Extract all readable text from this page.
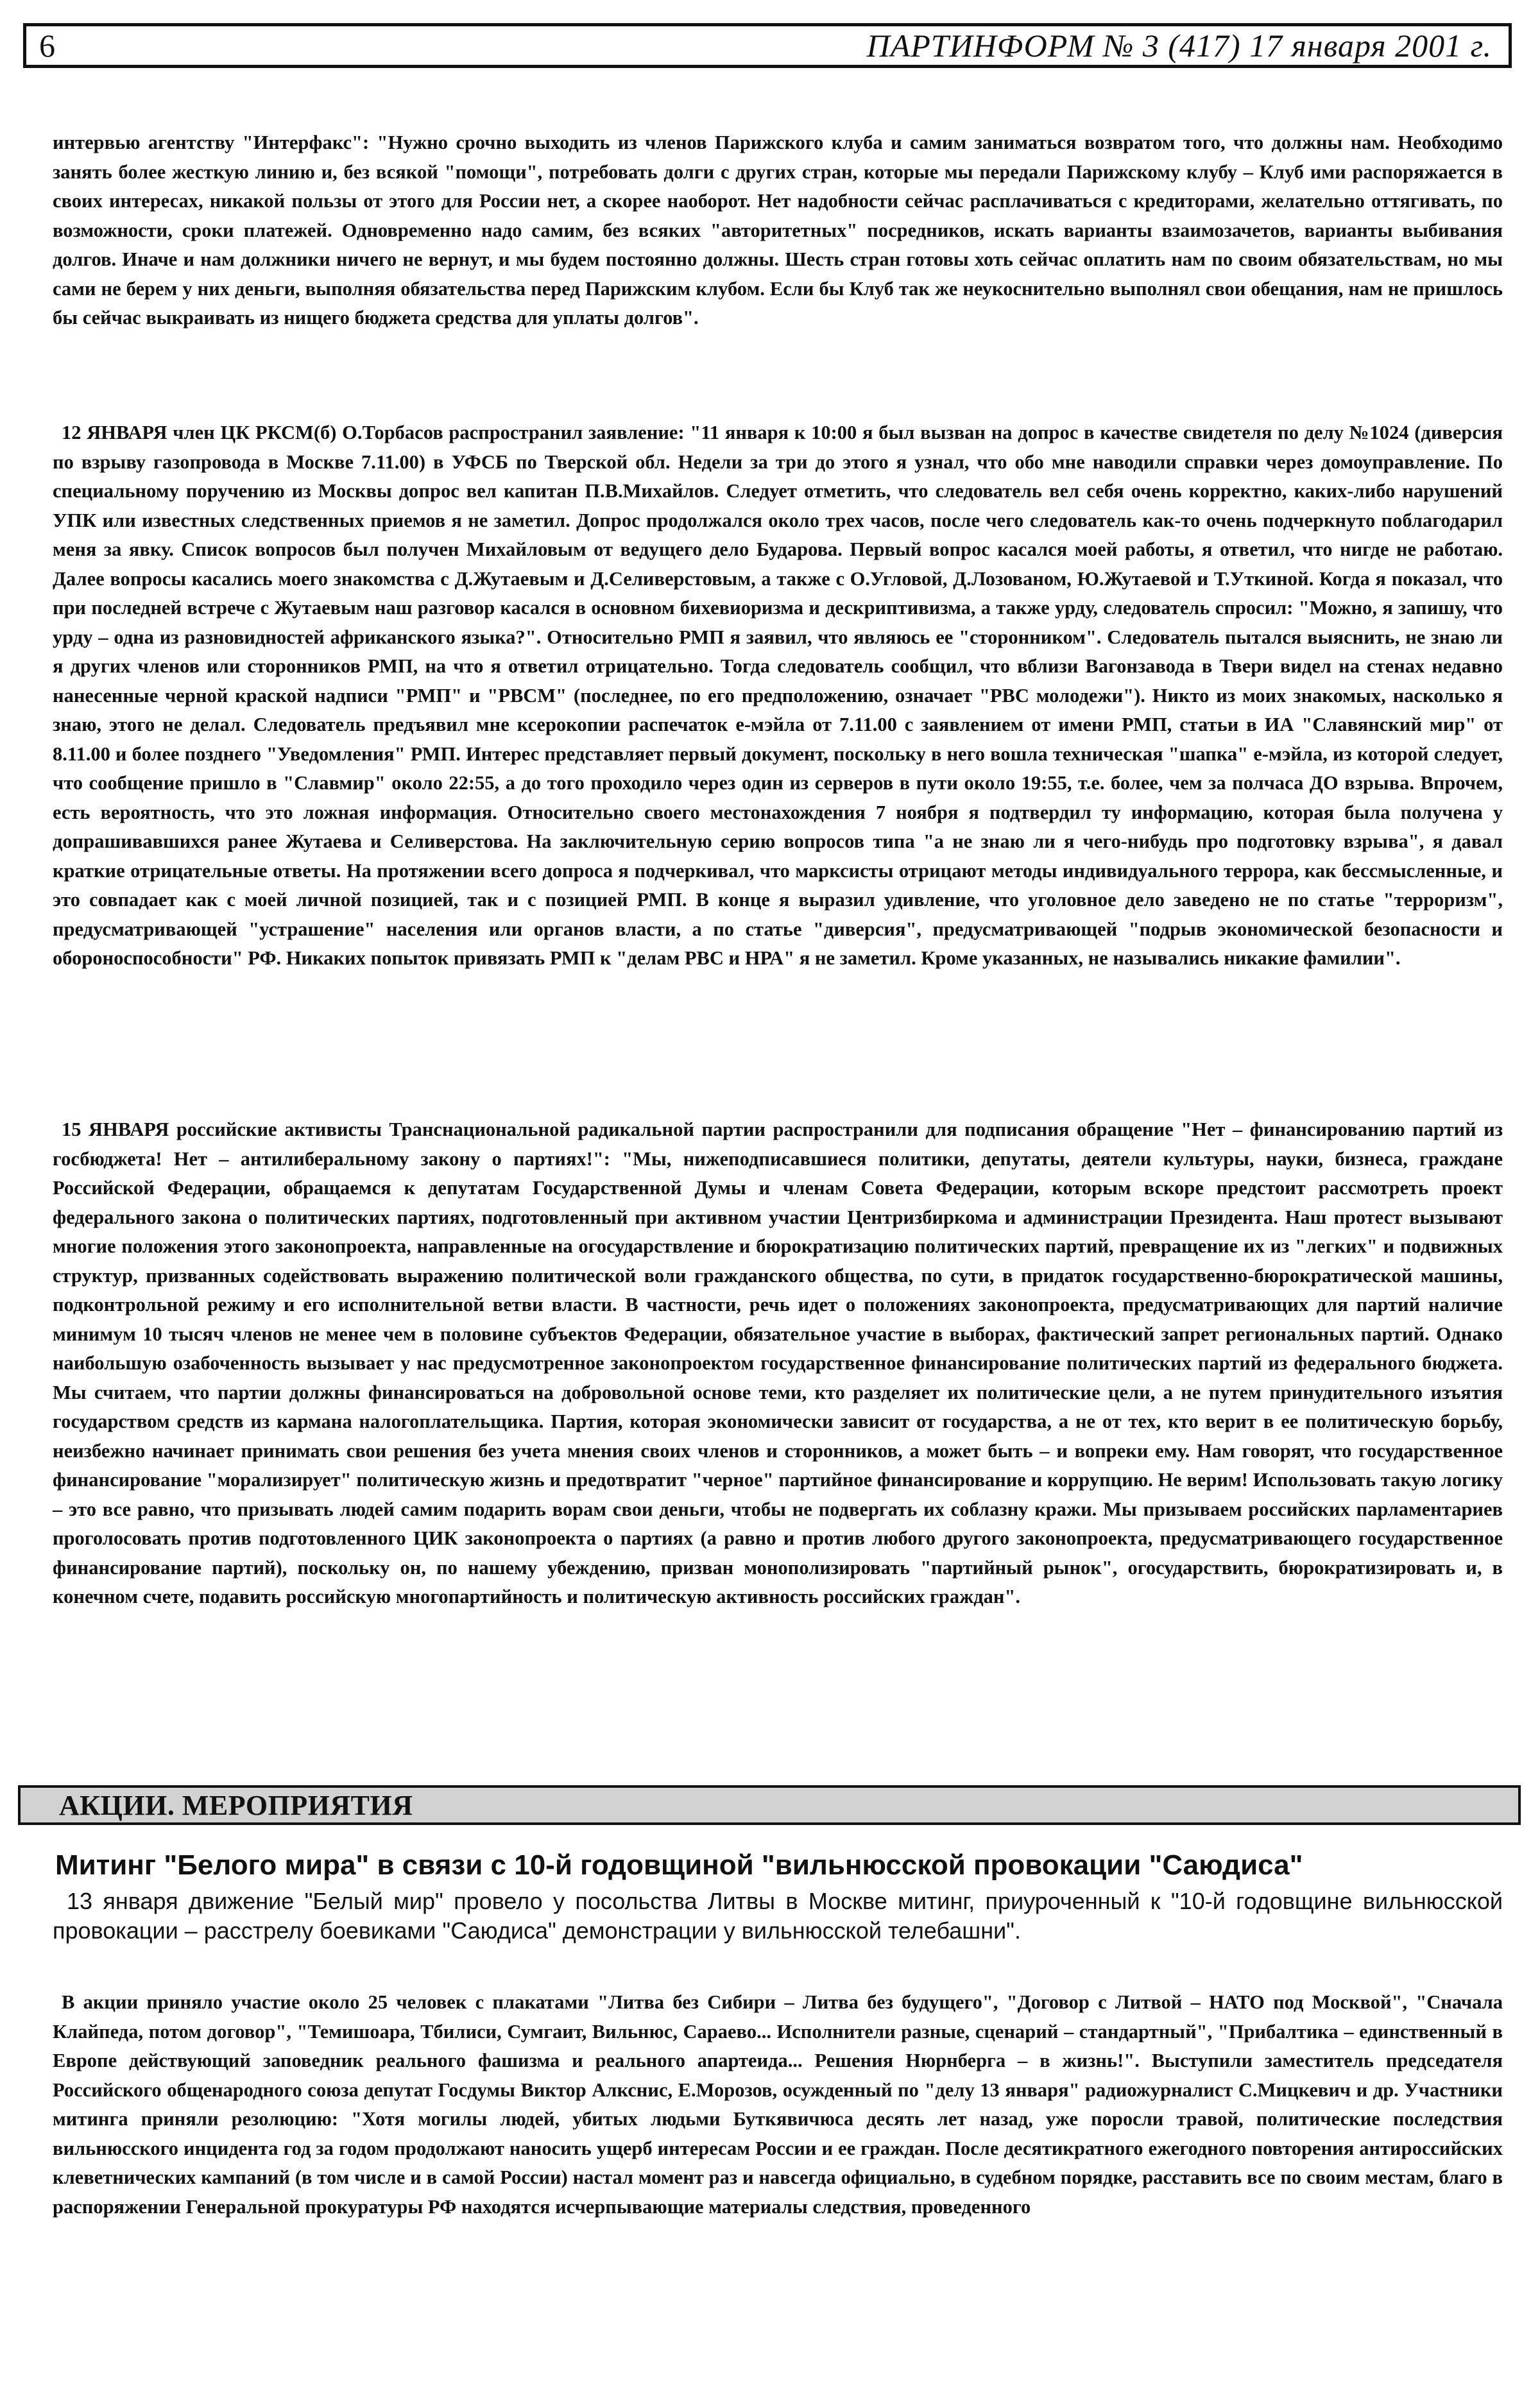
6	ПАРТИНФОРМ № 3 (417) 17 января 2001 г.

интервью агентству "Интерфакс": "Нужно срочно выходить из членов Парижского клуба и самим заниматься возвратом того, что должны нам. Необходимо занять более жесткую линию и, без всякой "помощи", потребовать долги с других стран, которые мы передали Парижскому клубу – Клуб ими распоряжается в своих интересах, никакой пользы от этого для России нет, а скорее наоборот. Нет надобности сейчас расплачиваться с кредиторами, желательно оттягивать, по возможности, сроки платежей. Одновременно надо самим, без всяких "авторитетных" посредников, искать варианты взаимозачетов, варианты выбивания долгов. Иначе и нам должники ничего не вернут, и мы будем постоянно должны. Шесть стран готовы хоть сейчас оплатить нам по своим обязательствам, но мы сами не берем у них деньги, выполняя обязательства перед Парижским клубом. Если бы Клуб так же неукоснительно выполнял свои обещания, нам не пришлось бы сейчас выкраивать из нищего бюджета средства для уплаты долгов".

12 ЯНВАРЯ член ЦК РКСМ(б) О.Торбасов распространил заявление: "11 января к 10:00 я был вызван на допрос в качестве свидетеля по делу №1024 (диверсия по взрыву газопровода в Москве 7.11.00) в УФСБ по Тверской обл. Недели за три до этого я узнал, что обо мне наводили справки через домоуправление. По специальному поручению из Москвы допрос вел капитан П.В.Михайлов. Следует отметить, что следователь вел себя очень корректно, каких-либо нарушений УПК или известных следственных приемов я не заметил. Допрос продолжался около трех часов, после чего следователь как-то очень подчеркнуто поблагодарил меня за явку. Список вопросов был получен Михайловым от ведущего дело Бударова. Первый вопрос касался моей работы, я ответил, что нигде не работаю. Далее вопросы касались моего знакомства с Д.Жутаевым и Д.Селиверстовым, а также с О.Угловой, Д.Лозованом, Ю.Жутаевой и Т.Уткиной. Когда я показал, что при последней встрече с Жутаевым наш разговор касался в основном бихевиоризма и дескриптивизма, а также урду, следователь спросил: "Можно, я запишу, что урду – одна из разновидностей африканского языка?". Относительно РМП я заявил, что являюсь ее "сторонником". Следователь пытался выяснить, не знаю ли я других членов или сторонников РМП, на что я ответил отрицательно. Тогда следователь сообщил, что вблизи Вагонзавода в Твери видел на стенах недавно нанесенные черной краской надписи "РМП" и "РВСМ" (последнее, по его предположению, означает "РВС молодежи"). Никто из моих знакомых, насколько я знаю, этого не делал. Следователь предъявил мне ксерокопии распечаток e-мэйла от 7.11.00 с заявлением от имени РМП, статьи в ИА "Славянский мир" от 8.11.00 и более позднего "Уведомления" РМП. Интерес представляет первый документ, поскольку в него вошла техническая "шапка" e-мэйла, из которой следует, что сообщение пришло в "Славмир" около 22:55, а до того проходило через один из серверов в пути около 19:55, т.е. более, чем за полчаса ДО взрыва. Впрочем, есть вероятность, что это ложная информация. Относительно своего местонахождения 7 ноября я подтвердил ту информацию, которая была получена у допрашивавшихся ранее Жутаева и Селиверстова. На заключительную серию вопросов типа "а не знаю ли я чего-нибудь про подготовку взрыва", я давал краткие отрицательные ответы. На протяжении всего допроса я подчеркивал, что марксисты отрицают методы индивидуального террора, как бессмысленные, и это совпадает как с моей личной позицией, так и с позицией РМП. В конце я выразил удивление, что уголовное дело заведено не по статье "терроризм", предусматривающей "устрашение" населения или органов власти, а по статье "диверсия", предусматривающей "подрыв экономической безопасности и обороноспособности" РФ. Никаких попыток привязать РМП к "делам РВС и НРА" я не заметил. Кроме указанных, не назывались никакие фамилии".

15 ЯНВАРЯ российские активисты Транснациональной радикальной партии распространили для подписания обращение "Нет – финансированию партий из госбюджета! Нет – антилиберальному закону о партиях!": "Мы, нижеподписавшиеся политики, депутаты, деятели культуры, науки, бизнеса, граждане Российской Федерации, обращаемся к депутатам Государственной Думы и членам Совета Федерации, которым вскоре предстоит рассмотреть проект федерального закона о политических партиях, подготовленный при активном участии Центризбиркома и администрации Президента. Наш протест вызывают многие положения этого законопроекта, направленные на огосударствление и бюрократизацию политических партий, превращение их из "легких" и подвижных структур, призванных содействовать выражению политической воли гражданского общества, по сути, в придаток государственно-бюрократической машины, подконтрольной режиму и его исполнительной ветви власти. В частности, речь идет о положениях законопроекта, предусматривающих для партий наличие минимум 10 тысяч членов не менее чем в половине субъектов Федерации, обязательное участие в выборах, фактический запрет региональных партий. Однако наибольшую озабоченность вызывает у нас предусмотренное законопроектом государственное финансирование политических партий из федерального бюджета. Мы считаем, что партии должны финансироваться на добровольной основе теми, кто разделяет их политические цели, а не путем принудительного изъятия государством средств из кармана налогоплательщика. Партия, которая экономически зависит от государства, а не от тех, кто верит в ее политическую борьбу, неизбежно начинает принимать свои решения без учета мнения своих членов и сторонников, а может быть – и вопреки ему. Нам говорят, что государственное финансирование "морализирует" политическую жизнь и предотвратит "черное" партийное финансирование и коррупцию. Не верим! Использовать такую логику – это все равно, что призывать людей самим подарить ворам свои деньги, чтобы не подвергать их соблазну кражи. Мы призываем российских парламентариев проголосовать против подготовленного ЦИК законопроекта о партиях (а равно и против любого другого законопроекта, предусматривающего государственное финансирование партий), поскольку он, по нашему убеждению, призван монополизировать "партийный рынок", огосударствить, бюрократизировать и, в конечном счете, подавить российскую многопартийность и политическую активность российских граждан".

АКЦИИ. МЕРОПРИЯТИЯ
Митинг "Белого мира" в связи с 10-й годовщиной "вильнюсской провокации "Саюдиса"

13 января движение "Белый мир" провело у посольства Литвы в Москве митинг, приуроченный к "10-й годовщине вильнюсской провокации – расстрелу боевиками "Саюдиса" демонстрации у вильнюсской телебашни".

В акции приняло участие около 25 человек с плакатами "Литва без Сибири – Литва без будущего", "Договор с Литвой – НАТО под Москвой", "Сначала Клайпеда, потом договор", "Темишоара, Тбилиси, Сумгаит, Вильнюс, Сараево... Исполнители разные, сценарий – стандартный", "Прибалтика – единственный в Европе действующий заповедник реального фашизма и реального апартеида... Решения Нюрнберга – в жизнь!". Выступили заместитель председателя Российского общенародного союза депутат Госдумы Виктор Алкснис, Е.Морозов, осужденный по "делу 13 января" радиожурналист С.Мицкевич и др. Участники митинга приняли резолюцию: "Хотя могилы людей, убитых людьми Буткявичюса десять лет назад, уже поросли травой, политические последствия вильнюсского инцидента год за годом продолжают наносить ущерб интересам России и ее граждан. После десятикратного ежегодного повторения антироссийских клеветнических кампаний (в том числе и в самой России) настал момент раз и навсегда официально, в судебном порядке, расставить все по своим местам, благо в распоряжении Генеральной прокуратуры РФ находятся исчерпывающие материалы следствия, проведенного
